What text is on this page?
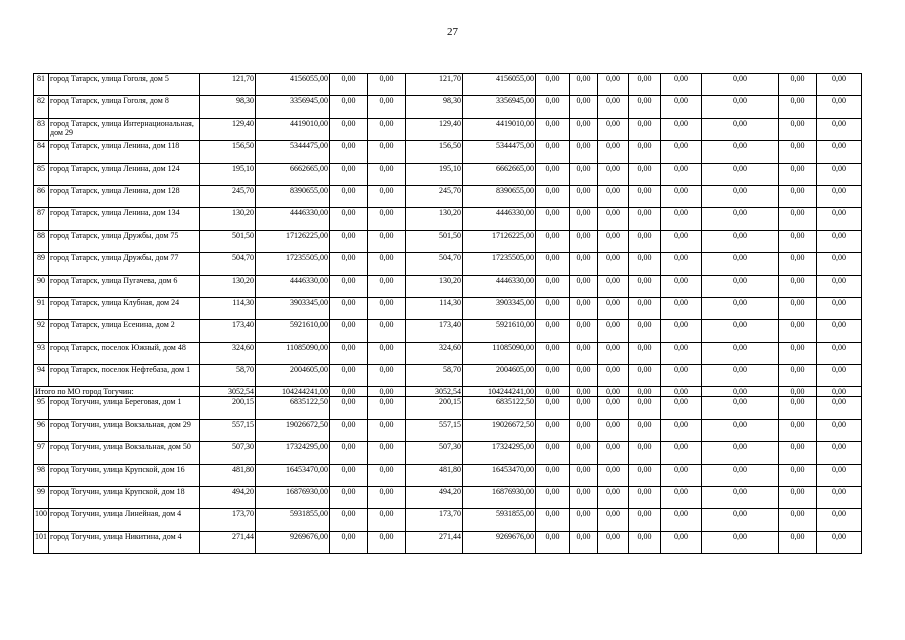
27
81	город Татарск, улица Гоголя, дом 5	121,70	4156055,00	0,00	0,00	121,70	4156055,00	0,00	0,00	0,00	0,00	0,00	0,00	0,00	0,00
82	город Татарск, улица Гоголя, дом 8	98,30	3356945,00	0,00	0,00	98,30	3356945,00	0,00	0,00	0,00	0,00	0,00	0,00	0,00	0,00
83	город Татарск, улица Интернациональная, дом 29	129,40	4419010,00	0,00	0,00	129,40	4419010,00	0,00	0,00	0,00	0,00	0,00	0,00	0,00	0,00
84	город Татарск, улица Ленина, дом 118	156,50	5344475,00	0,00	0,00	156,50	5344475,00	0,00	0,00	0,00	0,00	0,00	0,00	0,00	0,00
85	город Татарск, улица Ленина, дом 124	195,10	6662665,00	0,00	0,00	195,10	6662665,00	0,00	0,00	0,00	0,00	0,00	0,00	0,00	0,00
86	город Татарск, улица Ленина, дом 128	245,70	8390655,00	0,00	0,00	245,70	8390655,00	0,00	0,00	0,00	0,00	0,00	0,00	0,00	0,00
87	город Татарск, улица Ленина, дом 134	130,20	4446330,00	0,00	0,00	130,20	4446330,00	0,00	0,00	0,00	0,00	0,00	0,00	0,00	0,00
88	город Татарск, улица Дружбы, дом 75	501,50	17126225,00	0,00	0,00	501,50	17126225,00	0,00	0,00	0,00	0,00	0,00	0,00	0,00	0,00
89	город Татарск, улица Дружбы, дом 77	504,70	17235505,00	0,00	0,00	504,70	17235505,00	0,00	0,00	0,00	0,00	0,00	0,00	0,00	0,00
90	город Татарск, улица Пугачева, дом 6	130,20	4446330,00	0,00	0,00	130,20	4446330,00	0,00	0,00	0,00	0,00	0,00	0,00	0,00	0,00
91	город Татарск, улица Клубная, дом 24	114,30	3903345,00	0,00	0,00	114,30	3903345,00	0,00	0,00	0,00	0,00	0,00	0,00	0,00	0,00
92	город Татарск, улица Есенина, дом 2	173,40	5921610,00	0,00	0,00	173,40	5921610,00	0,00	0,00	0,00	0,00	0,00	0,00	0,00	0,00
93	город Татарск, поселок Южный, дом 48	324,60	11085090,00	0,00	0,00	324,60	11085090,00	0,00	0,00	0,00	0,00	0,00	0,00	0,00	0,00
94	город Татарск, поселок Нефтебаза, дом 1	58,70	2004605,00	0,00	0,00	58,70	2004605,00	0,00	0,00	0,00	0,00	0,00	0,00	0,00	0,00
Итого по МО город Тогучин:		3052,54	104244241,00	0,00	0,00	3052,54	104244241,00	0,00	0,00	0,00	0,00	0,00	0,00	0,00	0,00
95	город Тогучин, улица Береговая, дом 1	200,15	6835122,50	0,00	0,00	200,15	6835122,50	0,00	0,00	0,00	0,00	0,00	0,00	0,00	0,00
96	город Тогучин, улица Вокзальная, дом 29	557,15	19026672,50	0,00	0,00	557,15	19026672,50	0,00	0,00	0,00	0,00	0,00	0,00	0,00	0,00
97	город Тогучин, улица Вокзальная, дом 50	507,30	17324295,00	0,00	0,00	507,30	17324295,00	0,00	0,00	0,00	0,00	0,00	0,00	0,00	0,00
98	город Тогучин, улица Крупской, дом 16	481,80	16453470,00	0,00	0,00	481,80	16453470,00	0,00	0,00	0,00	0,00	0,00	0,00	0,00	0,00
99	город Тогучин, улица Крупской, дом 18	494,20	16876930,00	0,00	0,00	494,20	16876930,00	0,00	0,00	0,00	0,00	0,00	0,00	0,00	0,00
100	город Тогучин, улица Линейная, дом 4	173,70	5931855,00	0,00	0,00	173,70	5931855,00	0,00	0,00	0,00	0,00	0,00	0,00	0,00	0,00
101	город Тогучин, улица Никитина, дом 4	271,44	9269676,00	0,00	0,00	271,44	9269676,00	0,00	0,00	0,00	0,00	0,00	0,00	0,00	0,00
